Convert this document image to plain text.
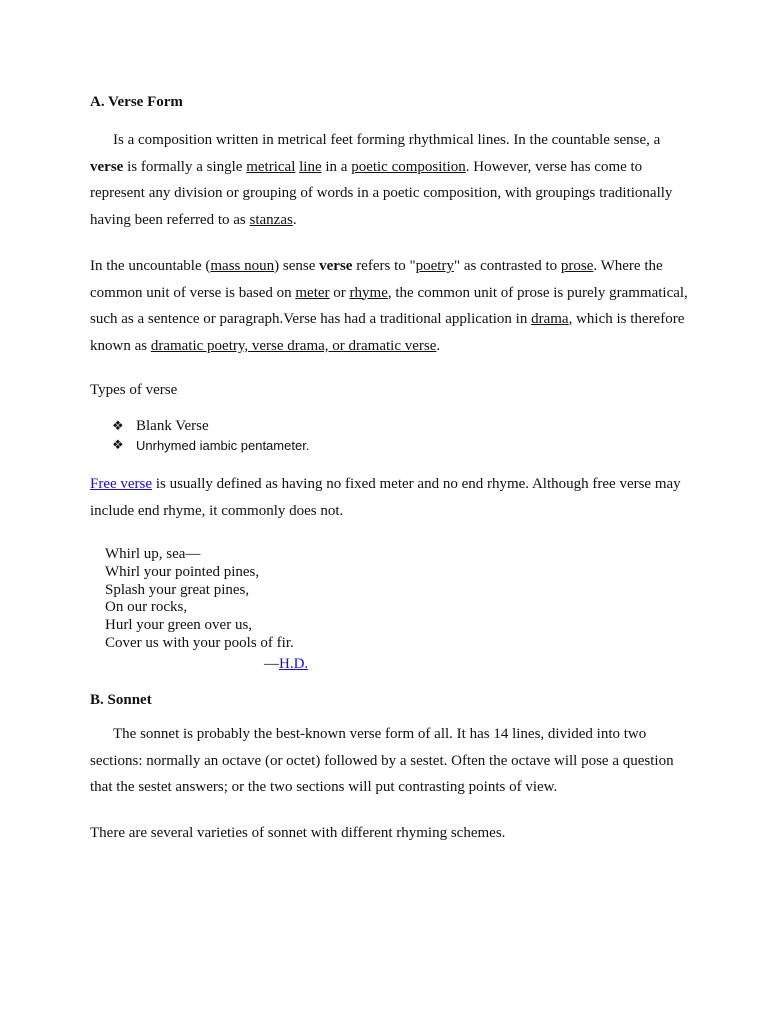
A. Verse Form

Is a composition written in metrical feet forming rhythmical lines. In the countable sense, a verse is formally a single metrical line in a poetic composition. However, verse has come to represent any division or grouping of words in a poetic composition, with groupings traditionally having been referred to as stanzas.

In the uncountable (mass noun) sense verse refers to "poetry" as contrasted to prose. Where the common unit of verse is based on meter or rhyme, the common unit of prose is purely grammatical, such as a sentence or paragraph.Verse has had a traditional application in drama, which is therefore known as dramatic poetry, verse drama, or dramatic verse.

Types of verse
❖ Blank Verse
❖ Unrhymed iambic pentameter.

Free verse is usually defined as having no fixed meter and no end rhyme. Although free verse may include end rhyme, it commonly does not.

Whirl up, sea—
Whirl your pointed pines,
Splash your great pines,
On our rocks,
Hurl your green over us,
Cover us with your pools of fir.
—H.D.
B. Sonnet

The sonnet is probably the best-known verse form of all. It has 14 lines, divided into two sections: normally an octave (or octet) followed by a sestet. Often the octave will pose a question that the sestet answers; or the two sections will put contrasting points of view.

There are several varieties of sonnet with different rhyming schemes.
